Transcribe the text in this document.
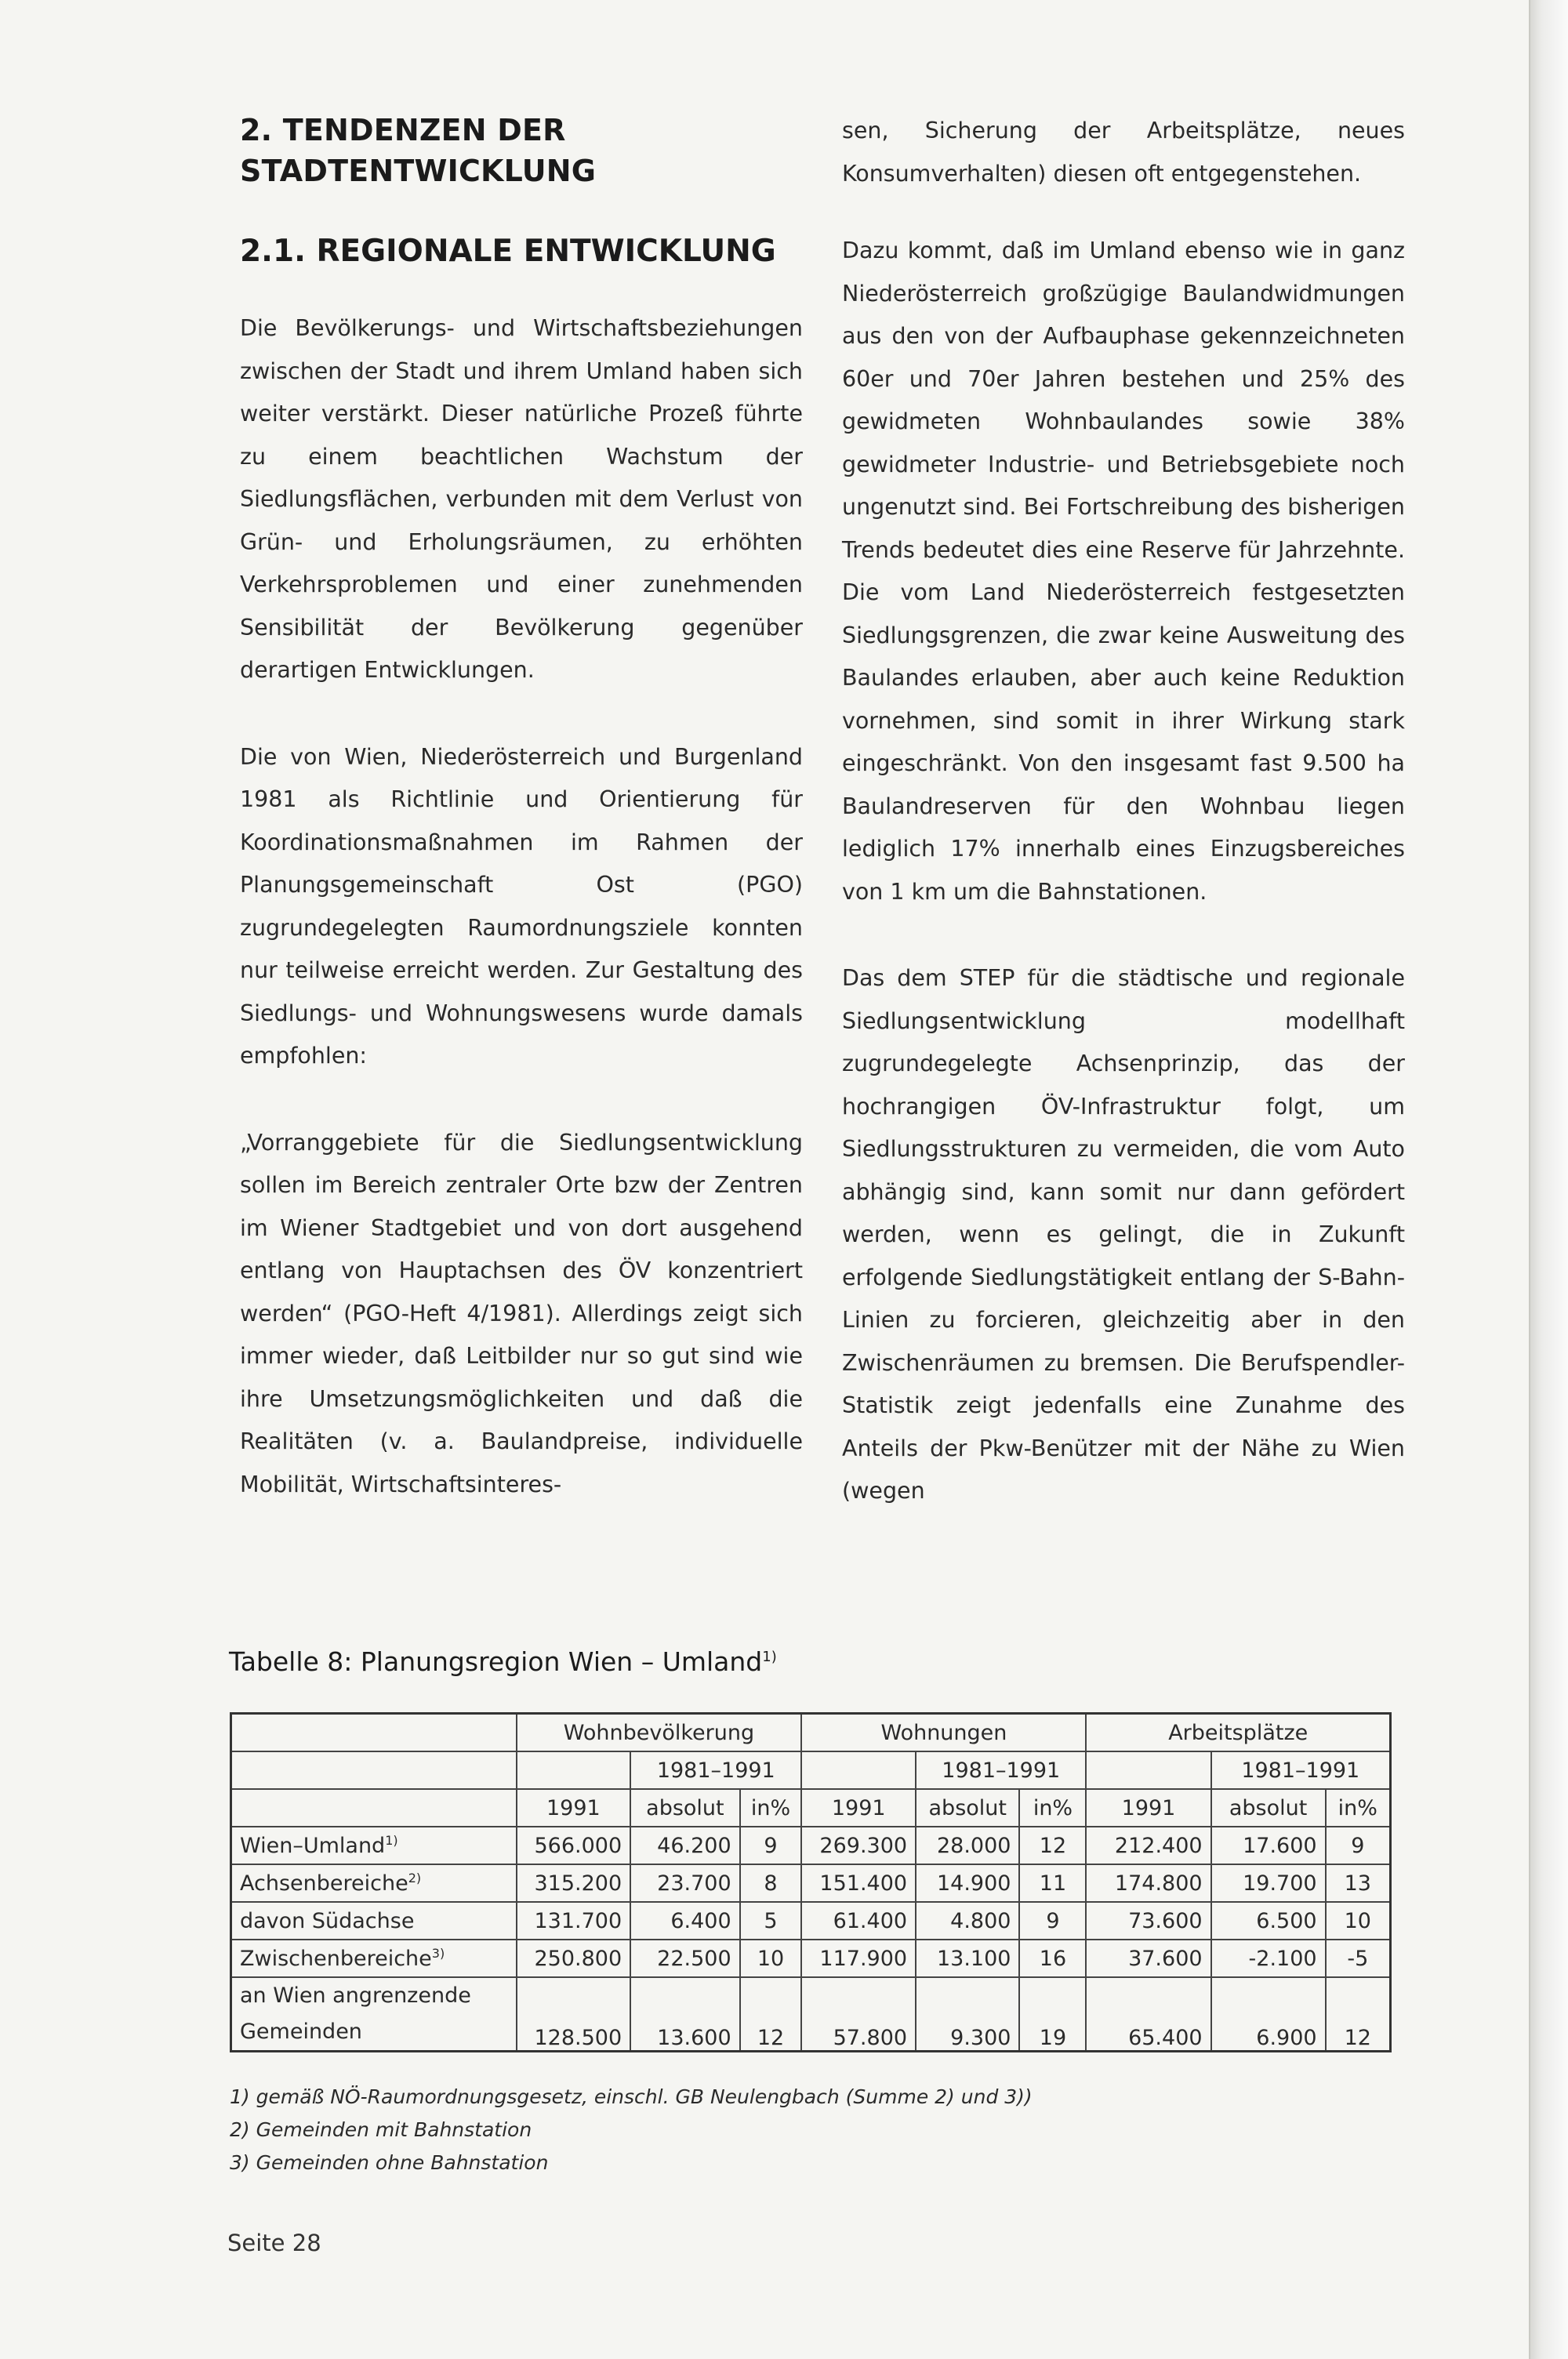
2. TENDENZEN DER STADTENTWICKLUNG
2.1. REGIONALE ENTWICKLUNG

Die Bevölkerungs- und Wirtschaftsbeziehungen zwischen der Stadt und ihrem Umland haben sich weiter verstärkt. Dieser natürliche Prozeß führte zu einem beachtlichen Wachstum der Siedlungsflächen, verbunden mit dem Verlust von Grün- und Erholungsräumen, zu erhöhten Verkehrsproblemen und einer zunehmenden Sensibilität der Bevölkerung gegenüber derartigen Entwicklungen.

Die von Wien, Niederösterreich und Burgenland 1981 als Richtlinie und Orientierung für Koordinationsmaßnahmen im Rahmen der Planungsgemeinschaft Ost (PGO) zugrundegelegten Raumordnungsziele konnten nur teilweise erreicht werden. Zur Gestaltung des Siedlungs- und Wohnungswesens wurde damals empfohlen:

„Vorranggebiete für die Siedlungsentwicklung sollen im Bereich zentraler Orte bzw der Zentren im Wiener Stadtgebiet und von dort ausgehend entlang von Hauptachsen des ÖV konzentriert werden“ (PGO-Heft 4/1981). Allerdings zeigt sich immer wieder, daß Leitbilder nur so gut sind wie ihre Umsetzungsmöglichkeiten und daß die Realitäten (v. a. Baulandpreise, individuelle Mobilität, Wirtschaftsinteres-

sen, Sicherung der Arbeitsplätze, neues Konsumverhalten) diesen oft entgegenstehen.

Dazu kommt, daß im Umland ebenso wie in ganz Niederösterreich großzügige Baulandwidmungen aus den von der Aufbauphase gekennzeichneten 60er und 70er Jahren bestehen und 25% des gewidmeten Wohnbaulandes sowie 38% gewidmeter Industrie- und Betriebsgebiete noch ungenutzt sind. Bei Fortschreibung des bisherigen Trends bedeutet dies eine Reserve für Jahrzehnte. Die vom Land Niederösterreich festgesetzten Siedlungsgrenzen, die zwar keine Ausweitung des Baulandes erlauben, aber auch keine Reduktion vornehmen, sind somit in ihrer Wirkung stark eingeschränkt. Von den insgesamt fast 9.500 ha Baulandreserven für den Wohnbau liegen lediglich 17% innerhalb eines Einzugsbereiches von 1 km um die Bahnstationen.

Das dem STEP für die städtische und regionale Siedlungsentwicklung modellhaft zugrundegelegte Achsenprinzip, das der hochrangigen ÖV-Infrastruktur folgt, um Siedlungsstrukturen zu vermeiden, die vom Auto abhängig sind, kann somit nur dann gefördert werden, wenn es gelingt, die in Zukunft erfolgende Siedlungstätigkeit entlang der S-Bahn-Linien zu forcieren, gleichzeitig aber in den Zwischenräumen zu bremsen. Die Berufspendler-Statistik zeigt jedenfalls eine Zunahme des Anteils der Pkw-Benützer mit der Nähe zu Wien (wegen

Tabelle 8: Planungsregion Wien – Umland$^{1)}$
	Wohnbevölkerung			Wohnungen			Arbeitsplätze		
		1981–1991			1981–1991			1981–1991	
	1991	absolut	in%	1991	absolut	in%	1991	absolut	in%
Wien–Umland$^{1)}$	566.000	46.200	9	269.300	28.000	12	212.400	17.600	9
Achsenbereiche$^{2)}$	315.200	23.700	8	151.400	14.900	11	174.800	19.700	13
davon Südachse	131.700	6.400	5	61.400	4.800	9	73.600	6.500	10
Zwischenbereiche$^{3)}$	250.800	22.500	10	117.900	13.100	16	37.600	-2.100	-5
an Wien angrenzende
Gemeinden	128.500	13.600	12	57.800	9.300	19	65.400	6.900	12
1) gemäß NÖ-Raumordnungsgesetz, einschl. GB Neulengbach (Summe 2) und 3))
2) Gemeinden mit Bahnstation
3) Gemeinden ohne Bahnstation
Seite 28
